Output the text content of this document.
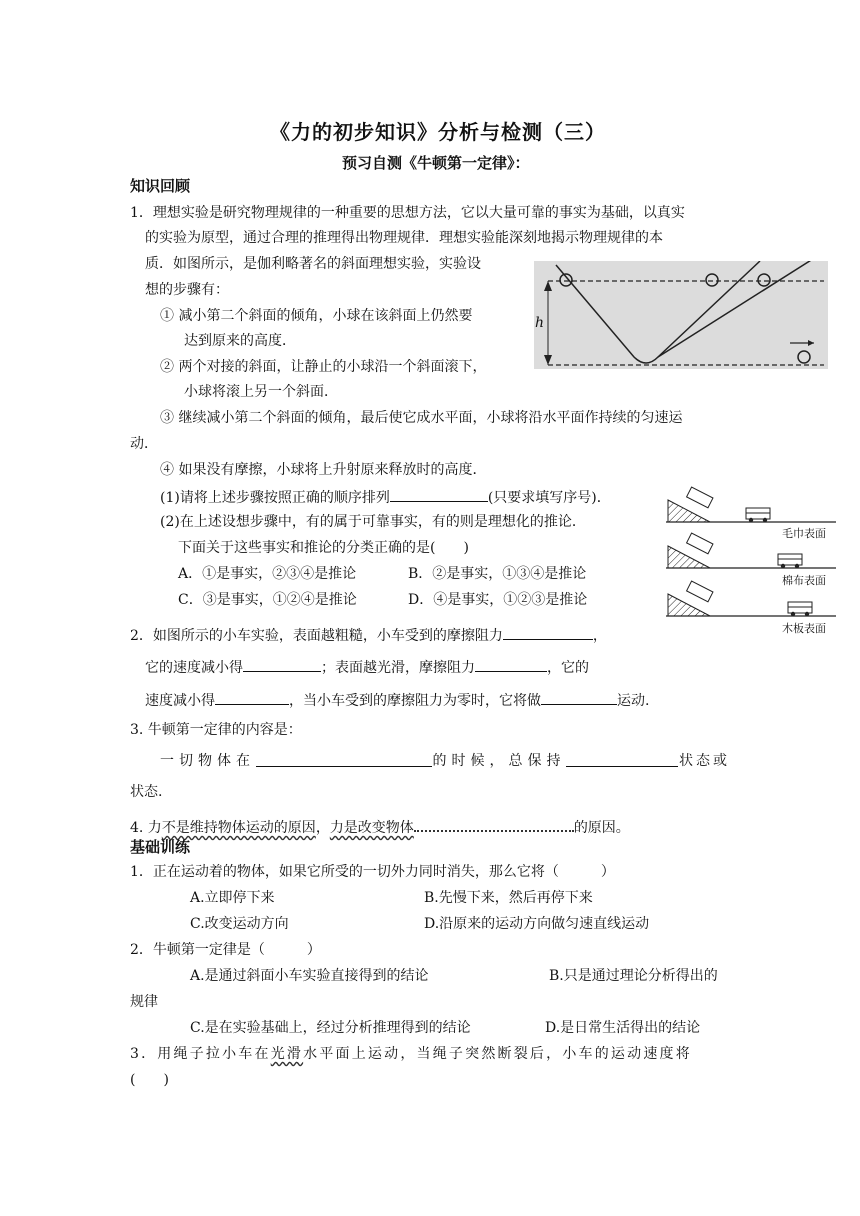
《力的初步知识》分析与检测（三）
预习自测《牛顿第一定律》：
知识回顾
1．理想实验是研究物理规律的一种重要的思想方法，它以大量可靠的事实为基础，以真实
的实验为原型，通过合理的推理得出物理规律．理想实验能深刻地揭示物理规律的本
质．如图所示，是伽利略著名的斜面理想实验，实验设
想的步骤有：
① 减小第二个斜面的倾角，小球在该斜面上仍然要
达到原来的高度．
② 两个对接的斜面，让静止的小球沿一个斜面滚下，
小球将滚上另一个斜面．
③ 继续减小第二个斜面的倾角，最后使它成水平面，小球将沿水平面作持续的匀速运
动．
④ 如果没有摩擦，小球将上升射原来释放时的高度．
(1)请将上述步骤按照正确的顺序排列	(只要求填写序号)．
(2)在上述设想步骤中，有的属于可靠事实，有的则是理想化的推论．
下面关于这些事实和推论的分类正确的是(　　)
A．①是事实，②③④是推论	B．②是事实，①③④是推论
C．③是事实，①②④是推论	D．④是事实，①②③是推论
h
毛巾表面
棉布表面
木板表面
2．如图所示的小车实验，表面越粗糙，小车受到的摩擦阻力	，
它的速度减小得	；表面越光滑，摩擦阻力	，它的
速度减小得	，当小车受到的摩擦阻力为零时，它将做	运动.
3. 牛顿第一定律的内容是：
一切物体在	的时候，总保持	状态或
状态.
4. 力不是维持物体运动的原因，力是改变物体	的原因。
基础训练
1．正在运动着的物体，如果它所受的一切外力同时消失，那么它将（　　　）
A.立即停下来	B.先慢下来，然后再停下来
C.改变运动方向	D.沿原来的运动方向做匀速直线运动
2．牛顿第一定律是（　　　）
A.是通过斜面小车实验直接得到的结论	B.只是通过理论分析得出的
规律
C.是在实验基础上，经过分析推理得到的结论	D.是日常生活得出的结论
3．用绳子拉小车在光滑水平面上运动，当绳子突然断裂后，小车的运动速度将
(　　)
